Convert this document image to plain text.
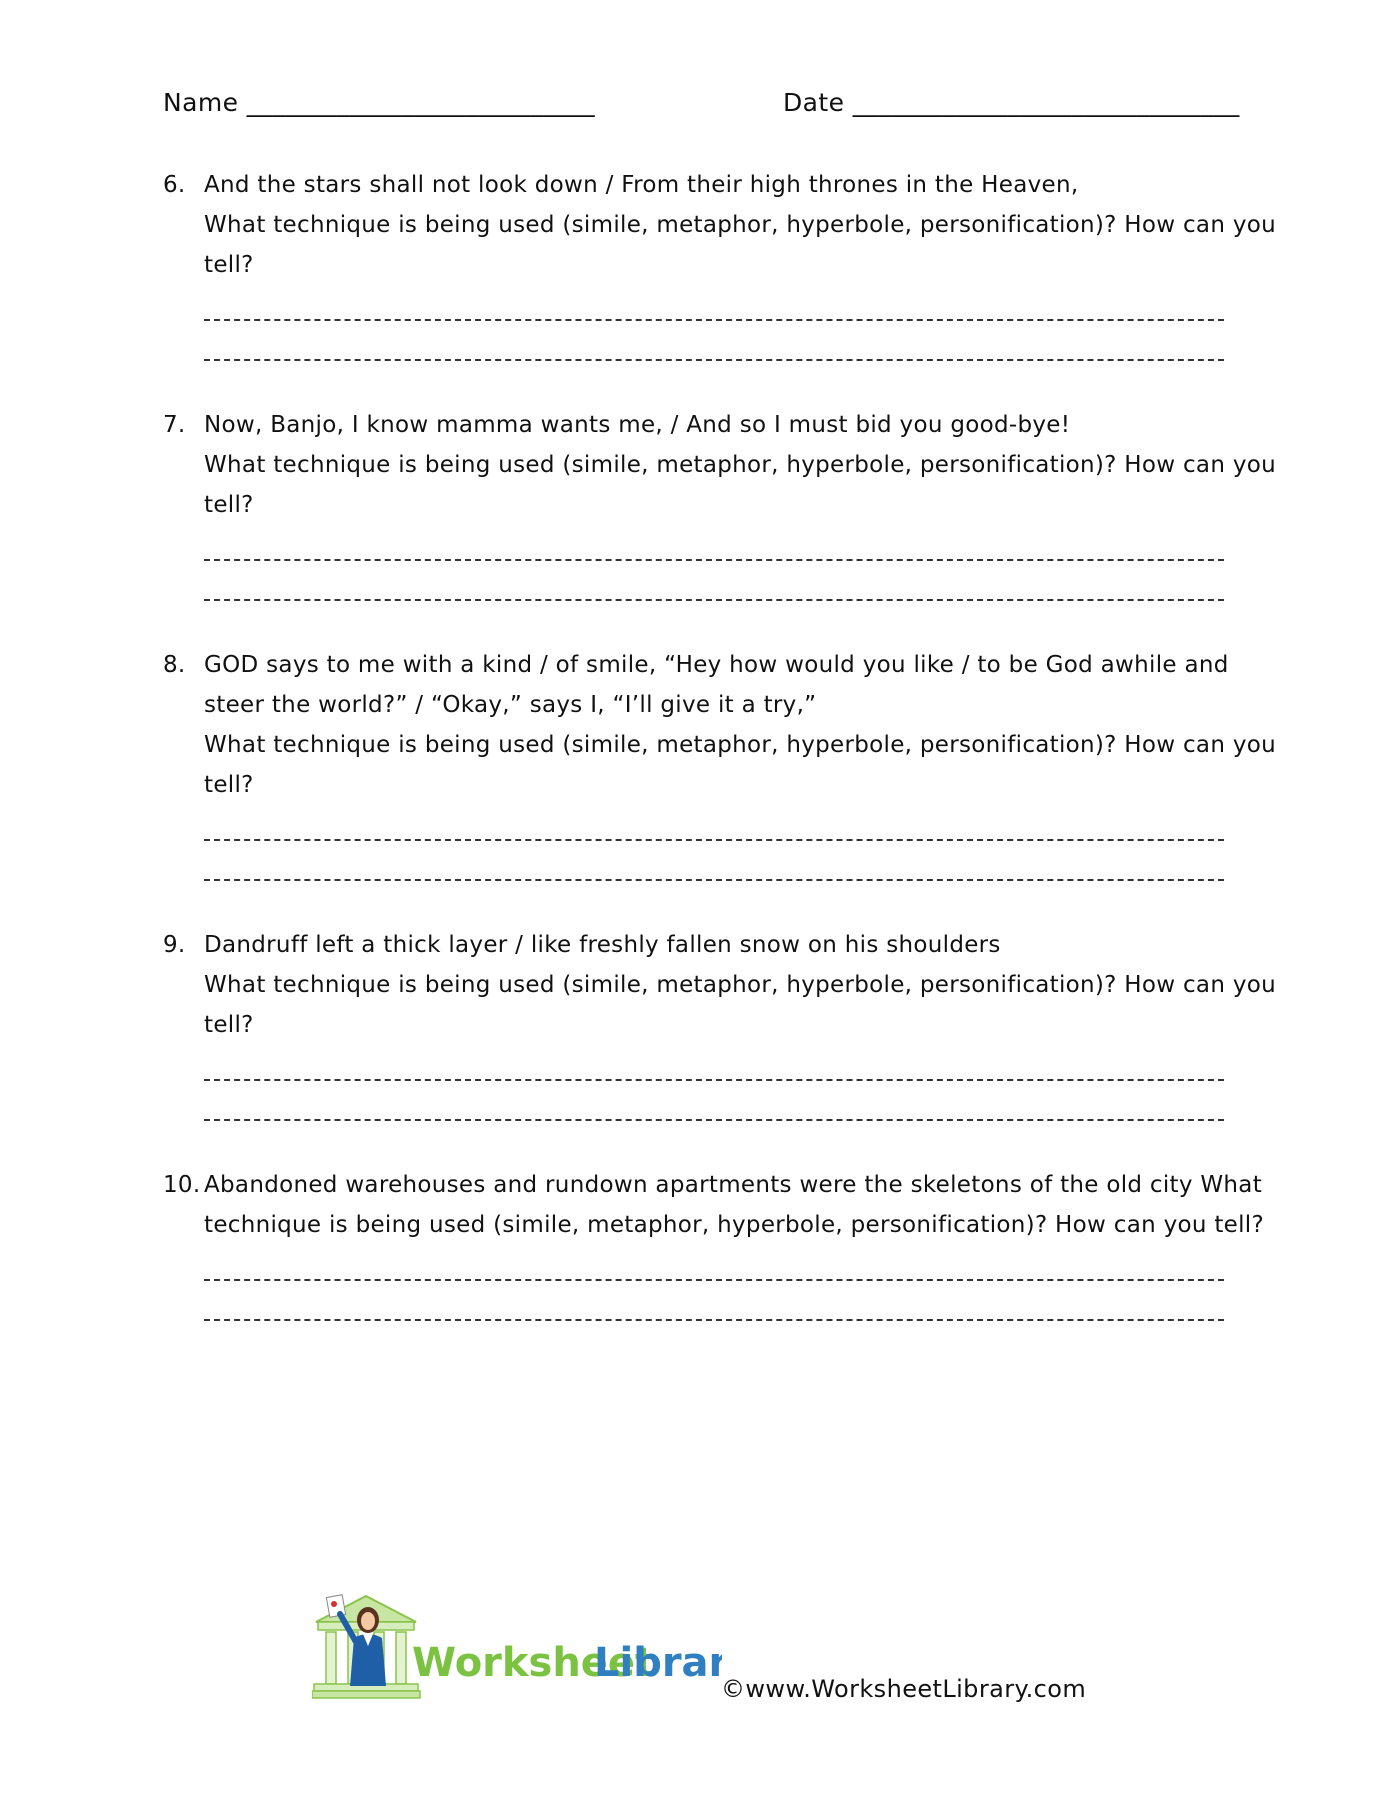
Name ___________________________	Date ______________________________
6. And the stars shall not look down / From their high thrones in the Heaven,
What technique is being used (simile, metaphor, hyperbole, personification)? How can you
tell?
7. Now, Banjo, I know mamma wants me, / And so I must bid you good-bye!
What technique is being used (simile, metaphor, hyperbole, personification)? How can you
tell?
8. GOD says to me with a kind / of smile, “Hey how would you like / to be God awhile and
steer the world?” / “Okay,” says I, “I’ll give it a try,”
What technique is being used (simile, metaphor, hyperbole, personification)? How can you
tell?
9. Dandruff left a thick layer / like freshly fallen snow on his shoulders
What technique is being used (simile, metaphor, hyperbole, personification)? How can you
tell?
10. Abandoned warehouses and rundown apartments were the skeletons of the old city What
technique is being used (simile, metaphor, hyperbole, personification)? How can you tell?
Worksheet
Librar
©www.WorksheetLibrary.com
